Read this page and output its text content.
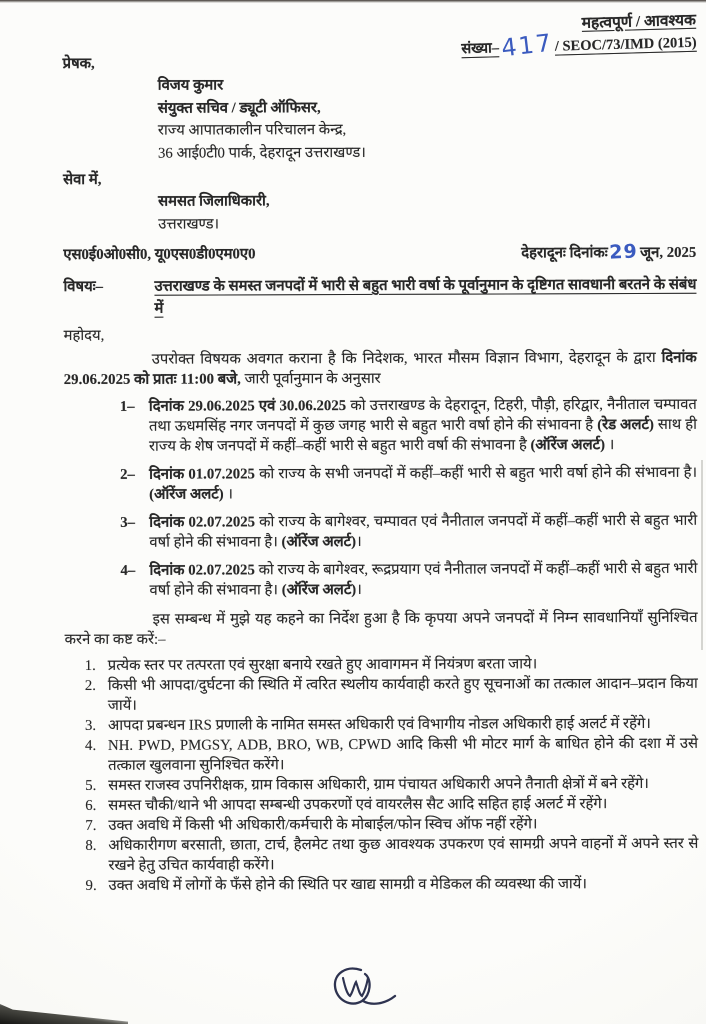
महत्वपूर्ण / आवश्यक
संख्या–417/ SEOC/73/IMD (2015)
प्रेषक,
विजय कुमार
संयुक्त सचिव / ड्यूटी ऑफिसर,
राज्य आपातकालीन परिचालन केन्द्र,
36 आई0टी0 पार्क, देहरादून उत्तराखण्ड।
सेवा में,
समसत जिलाधिकारी,
उत्तराखण्ड।
एस0ई0ओ0सी0, यू0एस0डी0एम0ए0	देहरादूनः दिनांकः29 जून, 2025
विषयः–	उत्तराखण्ड के समस्त जनपदों में भारी से बहुत भारी वर्षा के पूर्वानुमान के दृष्टिगत सावधानी बरतने के संबंध में
महोदय,

उपरोक्त विषयक अवगत कराना है कि निदेशक, भारत मौसम विज्ञान विभाग, देहरादून के द्वारा दिनांक 29.06.2025 को प्रातः 11:00 बजे, जारी पूर्वानुमान के अनुसार

1– दिनांक 29.06.2025 एवं 30.06.2025 को उत्तराखण्ड के देहरादून, टिहरी, पौड़ी, हरिद्वार, नैनीताल चम्पावत तथा ऊधमसिंह नगर जनपदों में कुछ जगह भारी से बहुत भारी वर्षा होने की संभावना है (रेड अलर्ट) साथ ही राज्य के शेष जनपदों में कहीं–कहीं भारी से बहुत भारी वर्षा की संभावना है (ऑरेंज अलर्ट) ।
2– दिनांक 01.07.2025 को राज्य के सभी जनपदों में कहीं–कहीं भारी से बहुत भारी वर्षा होने की संभावना है। (ऑरेंज अलर्ट) ।
3– दिनांक 02.07.2025 को राज्य के बागेश्वर, चम्पावत एवं नैनीताल जनपदों में कहीं–कहीं भारी से बहुत भारी वर्षा होने की संभावना है। (ऑरेंज अलर्ट)।
4– दिनांक 02.07.2025 को राज्य के बागेश्वर, रूद्रप्रयाग एवं नैनीताल जनपदों में कहीं–कहीं भारी से बहुत भारी वर्षा होने की संभावना है। (ऑरेंज अलर्ट)।

इस सम्बन्ध में मुझे यह कहने का निर्देश हुआ है कि कृपया अपने जनपदों में निम्न सावधानियॉं सुनिश्चित करने का कष्ट करें:–

1. प्रत्येक स्तर पर तत्परता एवं सुरक्षा बनाये रखते हुए आवागमन में नियंत्रण बरता जाये।
2. किसी भी आपदा/दुर्घटना की स्थिति में त्वरित स्थलीय कार्यवाही करते हुए सूचनाओं का तत्काल आदान–प्रदान किया जायें।
3. आपदा प्रबन्धन IRS प्रणाली के नामित समस्त अधिकारी एवं विभागीय नोडल अधिकारी हाई अलर्ट में रहेंगे।
4. NH. PWD, PMGSY, ADB, BRO, WB, CPWD आदि किसी भी मोटर मार्ग के बाधित होने की दशा में उसे तत्काल खुलवाना सुनिश्चित करेंगे।
5. समस्त राजस्व उपनिरीक्षक, ग्राम विकास अधिकारी, ग्राम पंचायत अधिकारी अपने तैनाती क्षेत्रों में बने रहेंगे।
6. समस्त चौकी/थाने भी आपदा सम्बन्धी उपकरणों एवं वायरलैस सैट आदि सहित हाई अलर्ट में रहेंगे।
7. उक्त अवधि में किसी भी अधिकारी/कर्मचारी के मोबाईल/फोन स्विच ऑफ नहीं रहेंगे।
8. अधिकारीगण बरसाती, छाता, टार्च, हैलमेट तथा कुछ आवश्यक उपकरण एवं सामग्री अपने वाहनों में अपने स्तर से रखने हेतु उचित कार्यवाही करेंगे।
9. उक्त अवधि में लोगों के फँसे होने की स्थिति पर खाद्य सामग्री व मेडिकल की व्यवस्था की जायें।
